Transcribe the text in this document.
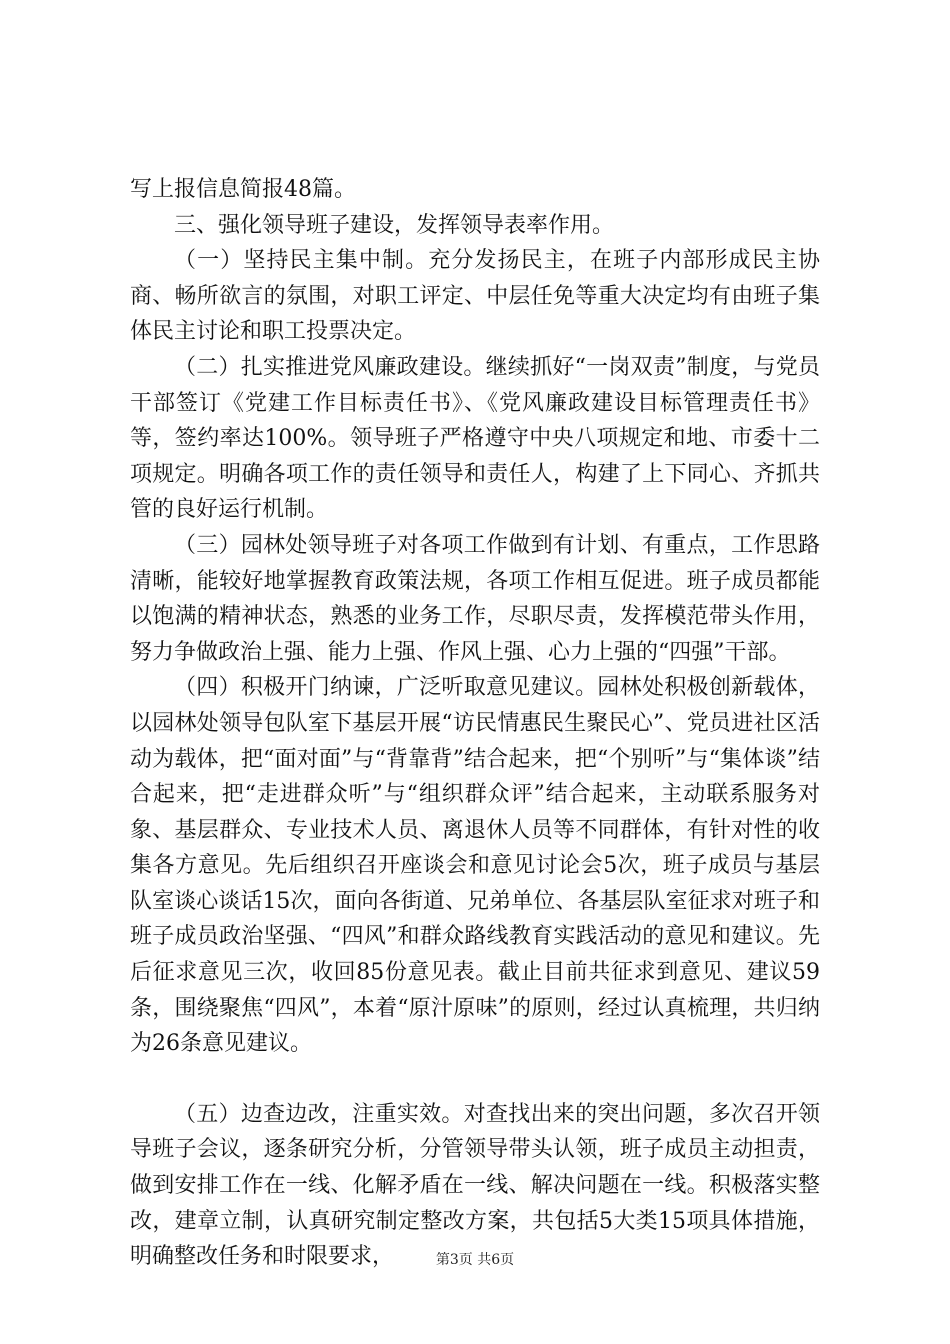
写上报信息简报48篇。

三、强化领导班子建设，发挥领导表率作用。

（一）坚持民主集中制。充分发扬民主，在班子内部形成民主协商、畅所欲言的氛围，对职工评定、中层任免等重大决定均有由班子集体民主讨论和职工投票决定。

（二）扎实推进党风廉政建设。继续抓好“一岗双责”制度，与党员干部签订《党建工作目标责任书》、《党风廉政建设目标管理责任书》等，签约率达100%。领导班子严格遵守中央八项规定和地、市委十二项规定。明确各项工作的责任领导和责任人，构建了上下同心、齐抓共管的良好运行机制。

（三）园林处领导班子对各项工作做到有计划、有重点，工作思路清晰，能较好地掌握教育政策法规，各项工作相互促进。班子成员都能以饱满的精神状态，熟悉的业务工作，尽职尽责，发挥模范带头作用，努力争做政治上强、能力上强、作风上强、心力上强的“四强”干部。

（四）积极开门纳谏，广泛听取意见建议。园林处积极创新载体，以园林处领导包队室下基层开展“访民情惠民生聚民心”、党员进社区活动为载体，把“面对面”与“背靠背”结合起来，把“个别听”与“集体谈”结合起来，把“走进群众听”与“组织群众评”结合起来，主动联系服务对象、基层群众、专业技术人员、离退休人员等不同群体，有针对性的收集各方意见。先后组织召开座谈会和意见讨论会5次，班子成员与基层队室谈心谈话15次，面向各街道、兄弟单位、各基层队室征求对班子和班子成员政治坚强、“四风”和群众路线教育实践活动的意见和建议。先后征求意见三次，收回85份意见表。截止目前共征求到意见、建议59条，围绕聚焦“四风”，本着“原汁原味”的原则，经过认真梳理，共归纳为26条意见建议。

（五）边查边改，注重实效。对查找出来的突出问题，多次召开领导班子会议，逐条研究分析，分管领导带头认领，班子成员主动担责，做到安排工作在一线、化解矛盾在一线、解决问题在一线。积极落实整改，建章立制，认真研究制定整改方案，共包括5大类15项具体措施，明确整改任务和时限要求，	第3页 共6页
